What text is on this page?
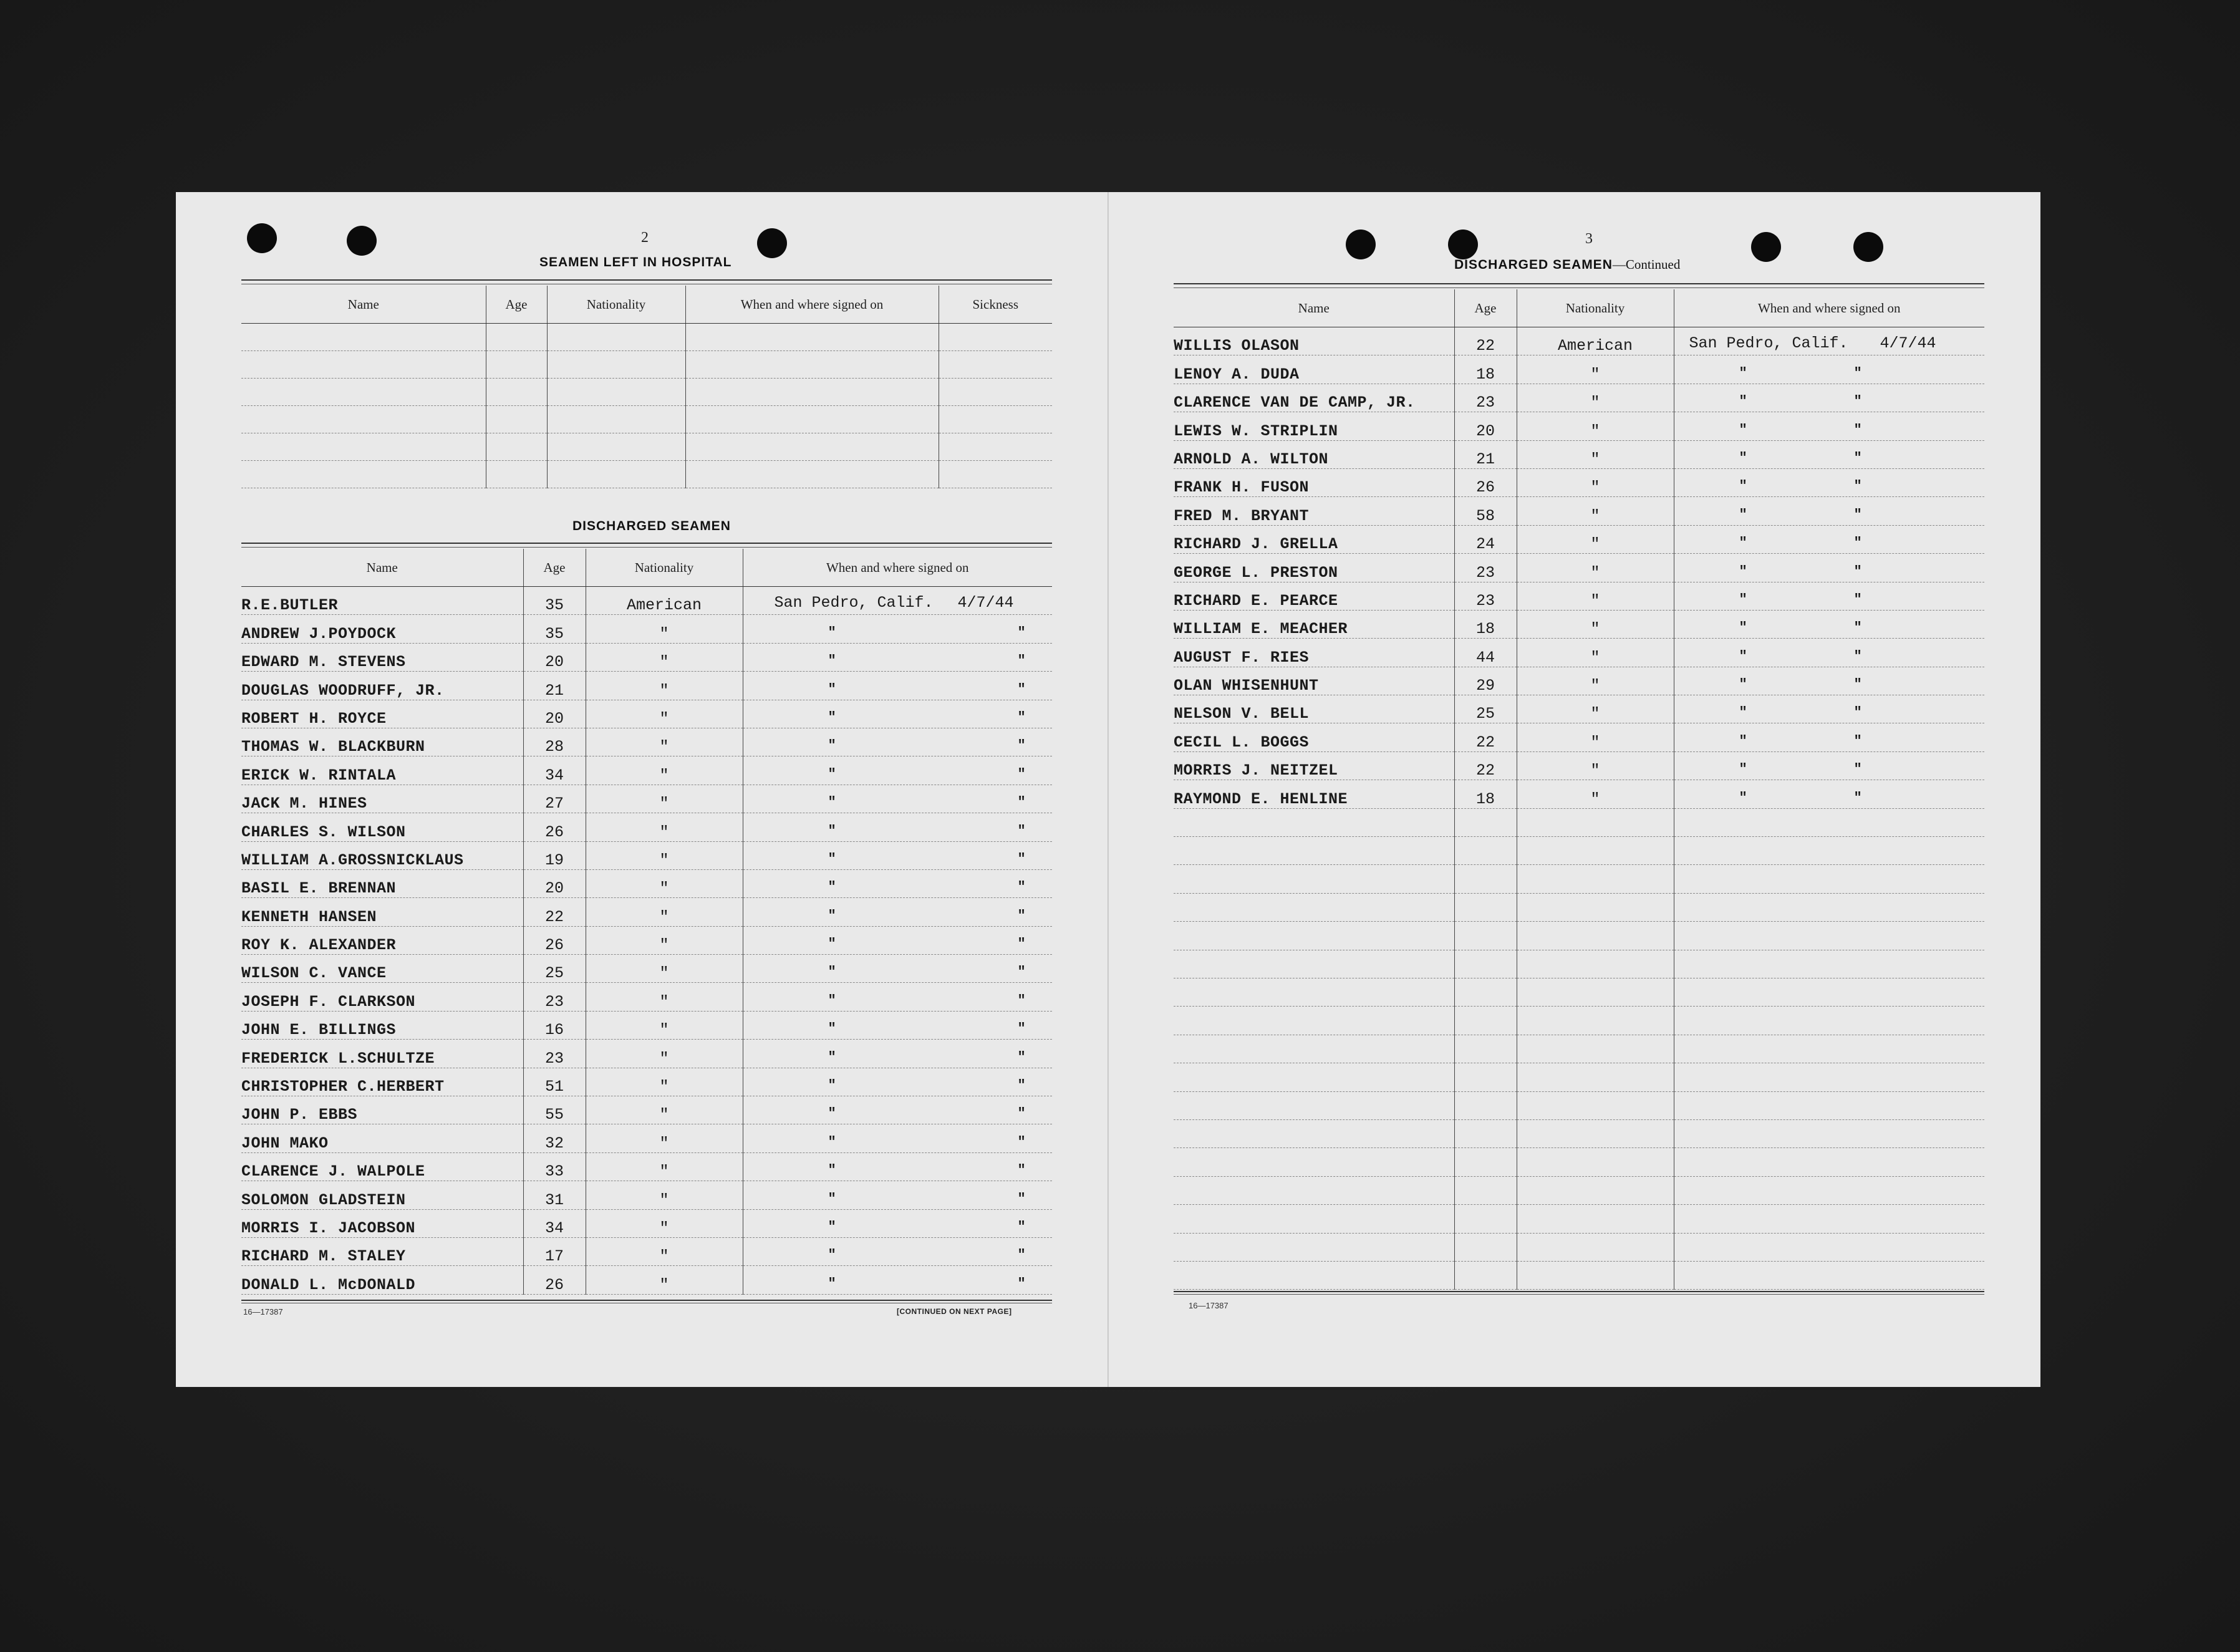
2
SEAMEN LEFT IN HOSPITAL
Name	Age	Nationality	When and where signed on	Sickness

DISCHARGED SEAMEN
Name	Age	Nationality	When and where signed on
R.E.BUTLER	35	American	San Pedro, Calif. 4/7/44

ANDREW J.POYDOCK	35	"	" "

EDWARD M. STEVENS	20	"	" "

DOUGLAS WOODRUFF, JR.	21	"	" "

ROBERT H. ROYCE	20	"	" "

THOMAS W. BLACKBURN	28	"	" "

ERICK W. RINTALA	34	"	" "

JACK M. HINES	27	"	" "

CHARLES S. WILSON	26	"	" "

WILLIAM A.GROSSNICKLAUS	19	"	" "

BASIL E. BRENNAN	20	"	" "

KENNETH HANSEN	22	"	" "

ROY K. ALEXANDER	26	"	" "

WILSON C. VANCE	25	"	" "

JOSEPH F. CLARKSON	23	"	" "

JOHN E. BILLINGS	16	"	" "

FREDERICK L.SCHULTZE	23	"	" "

CHRISTOPHER C.HERBERT	51	"	" "

JOHN P. EBBS	55	"	" "

JOHN MAKO	32	"	" "

CLARENCE J. WALPOLE	33	"	" "

SOLOMON GLADSTEIN	31	"	" "

MORRIS I. JACOBSON	34	"	" "

RICHARD M. STALEY	17	"	" "

DONALD L. McDONALD	26	"	" "
16—17387	[CONTINUED ON NEXT PAGE]
3
DISCHARGED SEAMEN—Continued
Name	Age	Nationality	When and where signed on
WILLIS OLASON	22	American	San Pedro, Calif. 4/7/44

LENOY A. DUDA	18	"	" "

CLARENCE VAN DE CAMP, JR.	23	"	" "

LEWIS W. STRIPLIN	20	"	" "

ARNOLD A. WILTON	21	"	" "

FRANK H. FUSON	26	"	" "

FRED M. BRYANT	58	"	" "

RICHARD J. GRELLA	24	"	" "

GEORGE L. PRESTON	23	"	" "

RICHARD E. PEARCE	23	"	" "

WILLIAM E. MEACHER	18	"	" "

AUGUST F. RIES	44	"	" "

OLAN WHISENHUNT	29	"	" "

NELSON V. BELL	25	"	" "

CECIL L. BOGGS	22	"	" "

MORRIS J. NEITZEL	22	"	" "

RAYMOND E. HENLINE	18	"	" "

16—17387
